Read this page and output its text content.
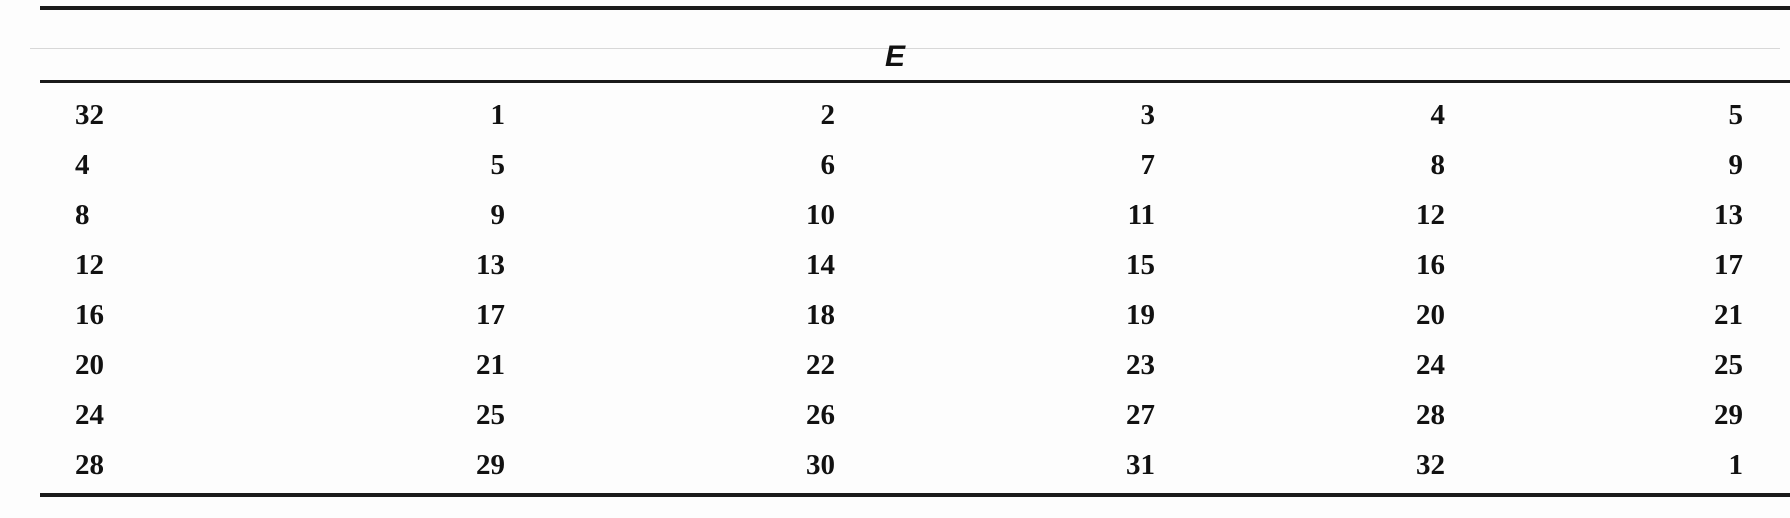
E
32	1	2	3	4	5
4	5	6	7	8	9
8	9	10	11	12	13
12	13	14	15	16	17
16	17	18	19	20	21
20	21	22	23	24	25
24	25	26	27	28	29
28	29	30	31	32	1
